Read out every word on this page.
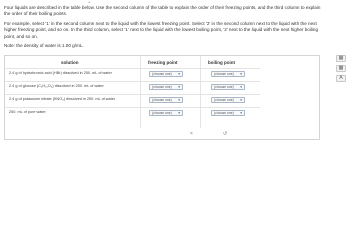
⌄

Four liquids are described in the table below. Use the second column of the table to explain the order of their freezing points, and the third column to explain the order of their boiling points.

For example, select '1' in the second column next to the liquid with the lowest freezing point. Select '2' in the second column next to the liquid with the next higher freezing point, and so on. In the third column, select '1' next to the liquid with the lowest boiling point, '2' next to the liquid with the next higher boiling point, and so on.

Note: the density of water is 1.00 g/mL.

solution	freezing point	boiling point
2.4 g of hydrobromic acid (HBr) dissolved in 250. mL of water	(choose one) ▾	(choose one) ▾
2.4 g of glucose (C₆H₁₂O₆) dissolved in 250. mL of water	(choose one) ▾	(choose one) ▾
2.4 g of potassium nitrate (KNO₃) dissolved in 250. mL of water	(choose one) ▾	(choose one) ▾
250. mL of pure water	(choose one) ▾	(choose one) ▾
×	↺
▦
▩
A
